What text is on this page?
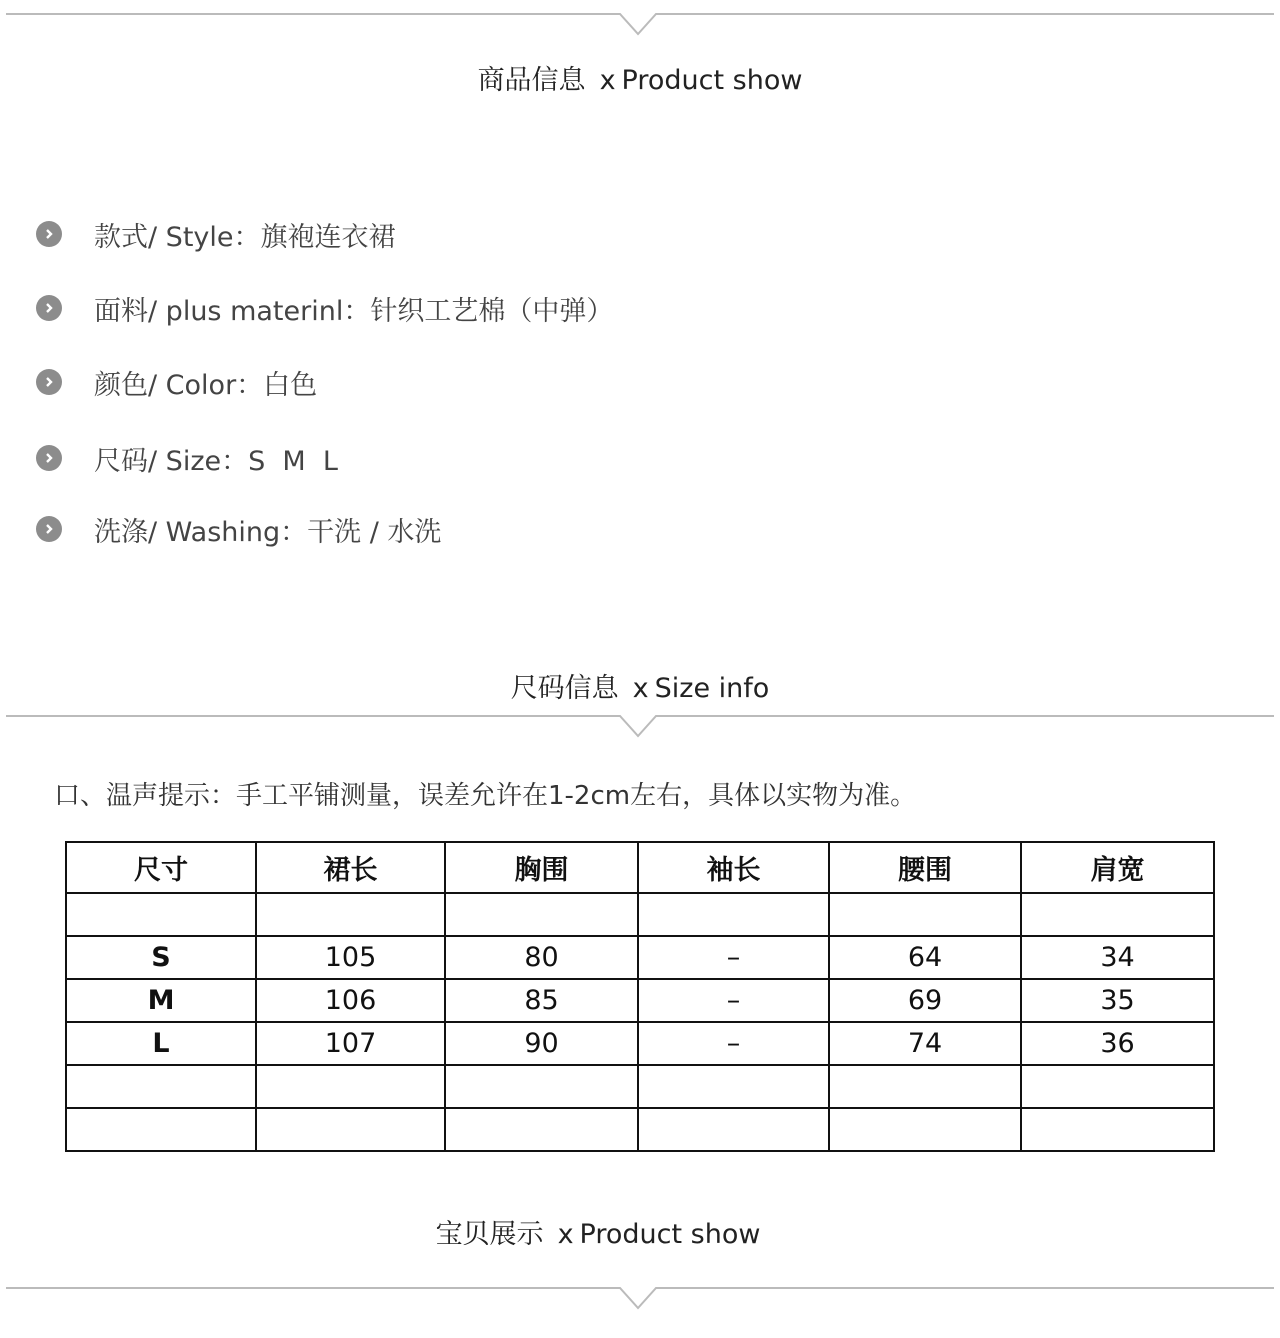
商品信息 x Product show
款式/ Style：旗袍连衣裙
面料/ plus materinl：针织工艺棉（中弹）
颜色/ Color：白色
尺码/ Size：S  M  L
洗涤/ Washing：干洗 / 水洗
尺码信息 x Size info
口、温声提示：手工平铺测量，误差允许在1-2cm左右，具体以实物为准。
尺寸	裙长	胸围	袖长	腰围	肩宽

S	105	80	–	64	34
M	106	85	–	69	35
L	107	90	–	74	36

宝贝展示 x Product show
